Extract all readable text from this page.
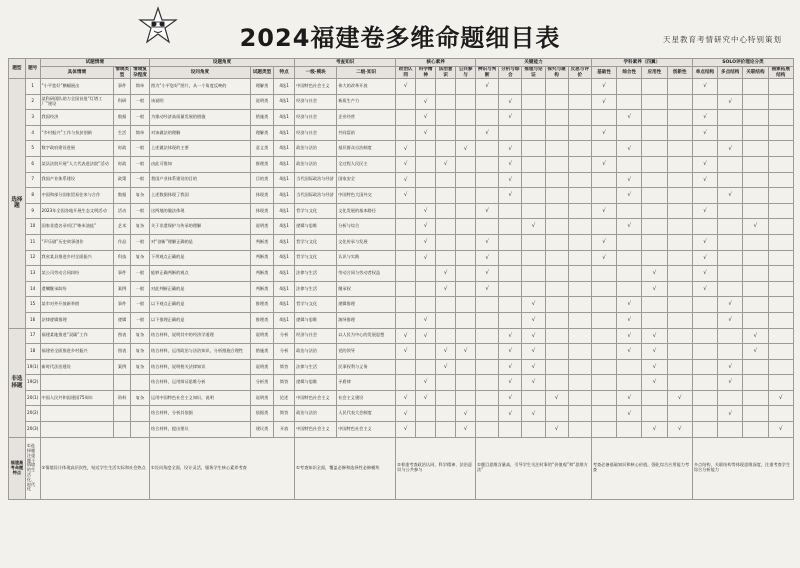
2024福建卷多维命题细目表	天星教育考情研究中心特别策划
题型	题号	试题情境			设题角度			考查知识		核心素养				关键能力					学科素养（四翼）				SOLO评价理论分类			
		具体情境	情境类型	情境复杂程度	设问角度	试题类型	特点	一级·模块	二级·知识	政治认同	科学精神	法治意识	公共参与	辨识与判断	分析与综合	推理与论证	探究与建构	反思与评价	基础性	综合性	应用性	创新性	单点结构	多点结构	关联结构	抽象拓展结构
选择题	1	“小平您好”横幅展出	事件	简单	图为“小平您好”图片，从一个角度反映的	理解类	4选1	中国特色社会主义	伟大的改革开放	√				√					√				√			
	2	某科研团队助力全国首批“灯塔工厂”建设	科研	一般	该说明	说明类	4选1	经济与社会	新质生产力		√				√				√					√		
	3	我国经济	数据	一般	为推动经济高质量发展的措施	措施类	4选1	经济与社会	企业经营		√				√					√			√			
	4	“乡村振兴”工作与扶贫创新	生活	简单	对该做法的理解	理解类	4选1	经济与社会	共同富裕		√			√					√				√			
	5	数字政府建设进展	时政	一般	上述做法体现的主要	意义类	4选1	政治与法治	基层群众自治制度	√			√		√					√				√		
	6	某县法院开展“人大代表进法院”活动	时政	一般	由此可推知	推理类	4选1	政治与法治	全过程人民民主	√		√			√				√				√			
	7	我国产业体系建设	政策	一般	我国产业体系建设的目的	目的类	4选1	当代国际政治与经济	国家安全	√					√					√			√			
	8	中国和部分国家贸易往来与合作	数据	复杂	上述数据体现了我国	体现类	4选1	当代国际政治与经济	中国特色大国外交	√					√					√				√		
	9	2023年全国各地开展生态文明活动	活动	一般	这两地的做法体现	体现类	4选1	哲学与文化	文化发展的基本路径		√			√					√				√			
	10	国家非遗名录项目“柴米油盐”	艺术	复杂	关于非遗保护与传承的理解	说明类	4选1	逻辑与思维	分析与综合		√					√				√					√	
	11	“声乐剧”历史故事创作	作品	一般	对“创新”理解正确的是	判断类	4选1	哲学与文化	文化传承与发展		√			√					√				√			
	12	我省某县推进乡村全面振兴	科技	复杂	下列观点正确的是	判断类	4选1	哲学与文化	认识与实践		√			√					√				√			
	13	某公司劳动合同纠纷	事件	一般	能够正确判断的观点	判断类	4选1	法律与生活	劳动合同与劳动者权益			√		√							√		√			
	14	遗嘱继承纠纷	案例	一般	对此判断正确的是	判断类	4选1	法律与生活	继承权			√		√							√		√			
	15	某市对外开放新举措	事件	一般	以下观点正确的是	推理类	4选1	哲学与文化	逻辑推理							√				√				√		
	16	法律逻辑推理	逻辑	一般	以下推理正确的是	推理类	4选1	逻辑与思维	演绎推理		√					√				√				√		
非选择题	17	福建某地推进“双碳”工作	图表	复杂	结合材料，说明其中的经济学道理	说明类	分析	经济与社会	以人民为中心的发展思想	√	√				√	√				√	√				√	
	18	福建省全面推进乡村振兴	图表	复杂	结合材料，运用政治与法治知识，分析措施合理性	措施类	分析	政治与法治	党的领导	√		√	√		√	√				√	√				√	
	19(1)	新时代法治建设	案例	复杂	结合材料，说明相关法律知识	说明类	简答	法律与生活	民事权利与义务			√			√	√					√			√		
	19(2)				结合材料，运用辩证思维分析	分析类	简答	逻辑与思维	矛盾律		√				√	√					√			√		
	20(1)	中国人民共和国建国75周年	资料	复杂	运用中国特色社会主义知识，说明	说明类	论述	中国特色社会主义	社会主义建设	√	√				√		√			√		√				√
	20(2)				结合材料，分析其依据	依据类	简答	政治与法治	人民代表大会制度	√			√		√	√				√				√		
	20(3)				结合材料，提出建议	建议类	开放	中国特色社会主义	中国特色社会主义	√			√				√				√	√				√
福建高考命题特点	①选择题注重题干情境的生活化、时代化	①情境设计体现高层次性，贴近学生生活实际和社会热点			①设问角度全面，设计灵活，服务学生核心素养考查			①考查知识全面，覆盖必修和选择性必修模块		②着重考查政治认同、科学精神、法治意识与公共参与				①题目思维含量高，引导学生关注时事的“价值观”和“思维方法”					考查必备基础知识和核心价值，强化综合应用能力考查				多点结构、关联结构等体现思维深度，注重考查学生综合分析能力			
